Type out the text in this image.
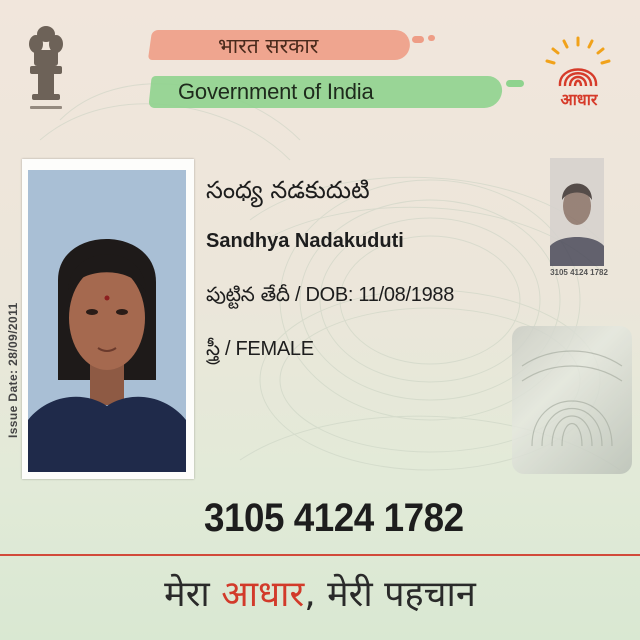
भारत सरकार
Government of India	आधार
Issue Date: 28/09/2011
సంధ్య నడకుదుటి
Sandhya Nadakuduti
పుట్టిన తేదీ / DOB: 11/08/1988
స్త్రీ / FEMALE
3105 4124 1782
3105 4124 1782
मेरा आधार, मेरी पहचान
